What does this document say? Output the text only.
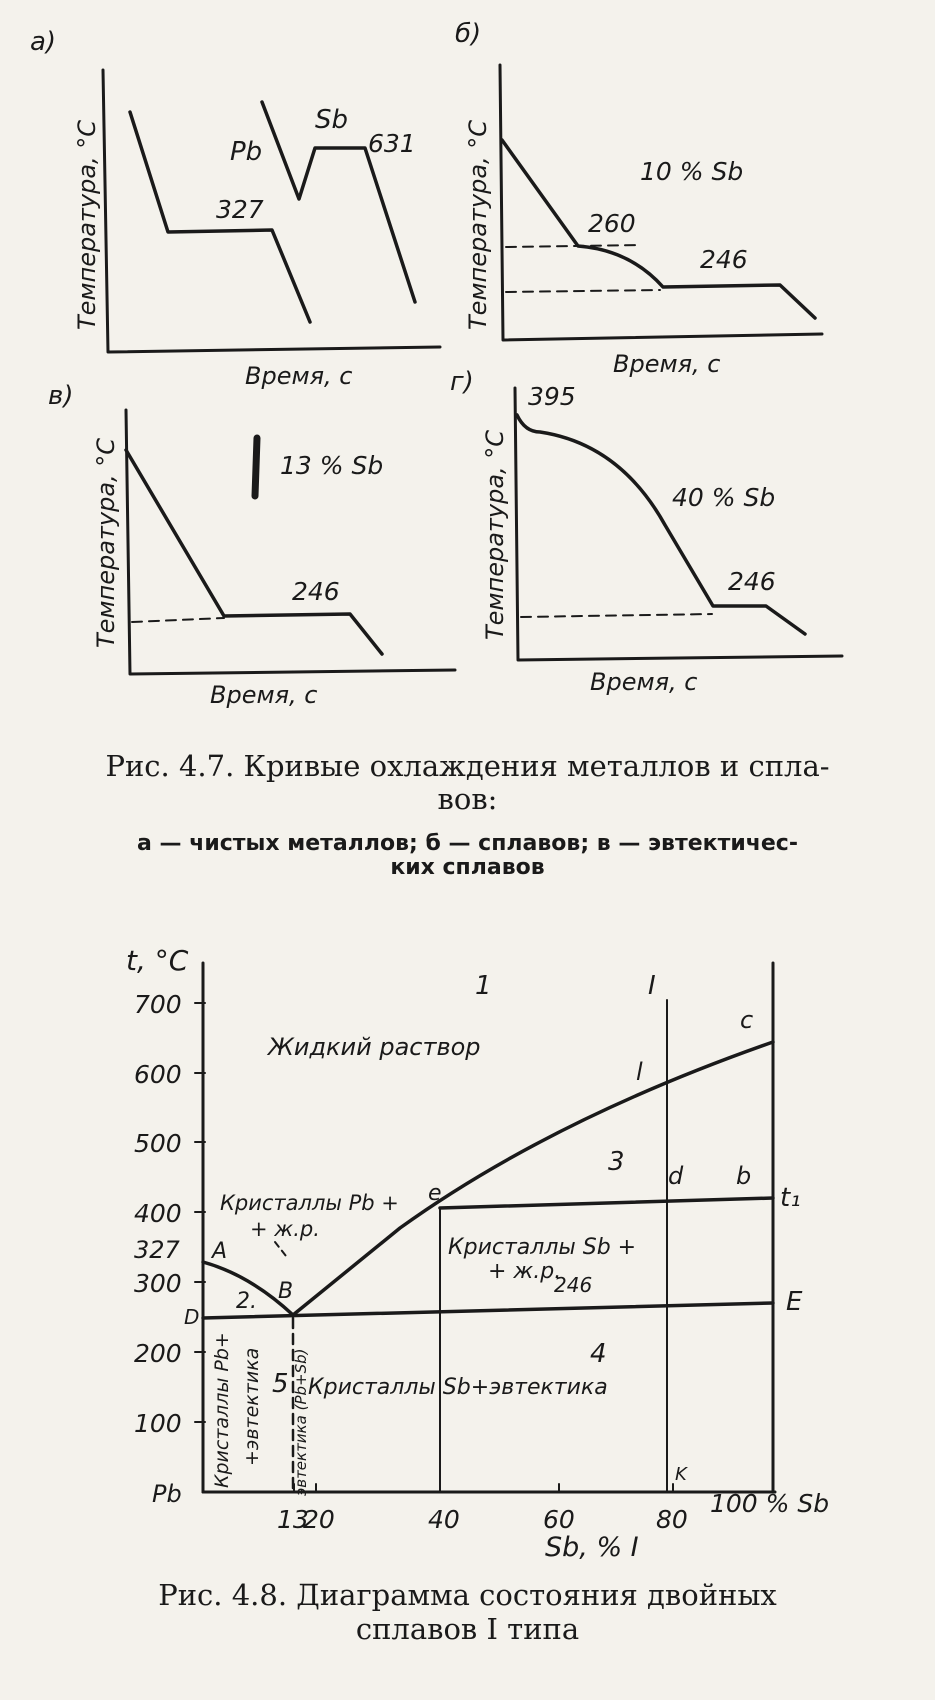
а)
Температура, °C
Время, с
Pb
Sb
327
631
б)
Температура, °C
Время, с
10 % Sb
260
246
в)
Температура, °C
Время, с
13 % Sb
246
г)
Температура, °C
Время, с
40 % Sb
395
246
t, °C
700
600
500
400
300
200
100
327
Pb
13
20	40	60	80
100 % Sb
Sb, % I
A
B
c
l
d b
e	t₁
E
D
K
I
1
2.
3
4
5
Жидкий раствор
Кристаллы Pb +
+ ж.р.
Кристаллы Sb +
+ ж.р.
246
Кристаллы Sb+эвтектика
Кристаллы Pb+ +эвтектика эвтектика (Pb+Sb)
Рис. 4.7. Кривые охлаждения металлов и спла-
вов:
а — чистых металлов; б — сплавов; в — эвтектичес-
ких сплавов
Рис. 4.8. Диаграмма состояния двойных
сплавов I типа
